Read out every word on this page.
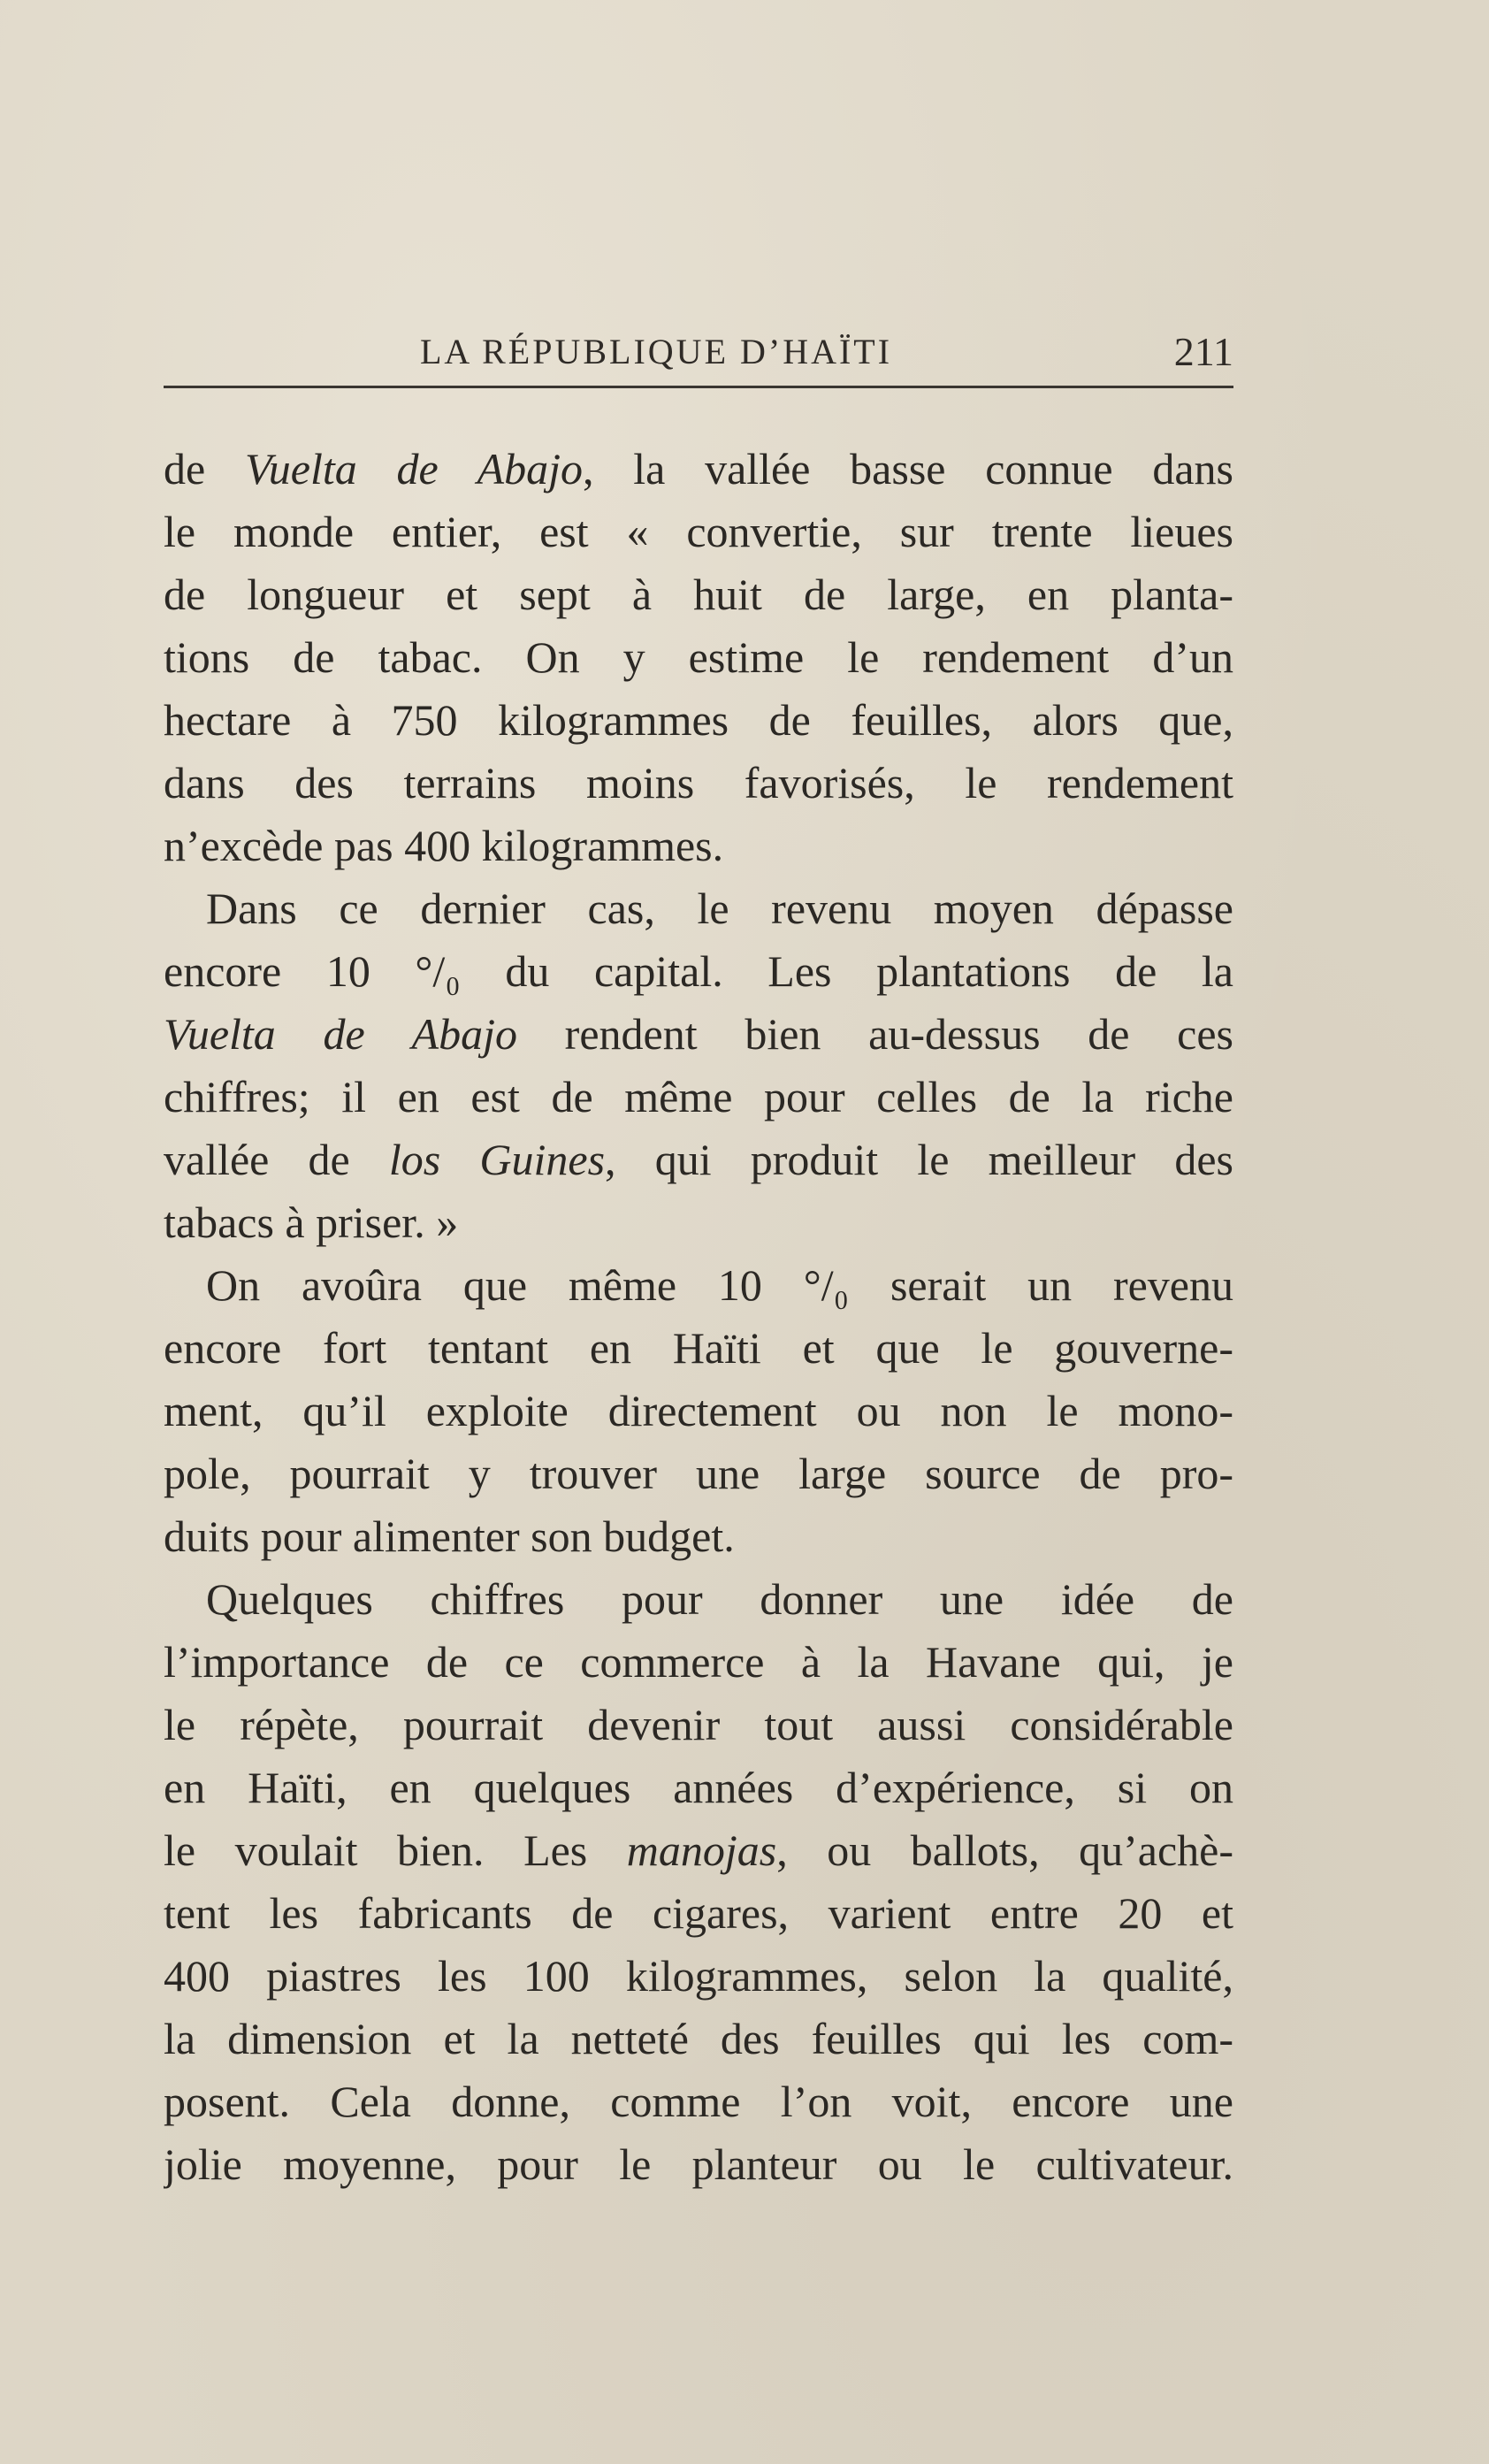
LA RÉPUBLIQUE D’HAÏTI	211
de Vuelta de Abajo, la vallée basse connue dans
le monde entier, est « convertie, sur trente lieues
de longueur et sept à huit de large, en planta-
tions de tabac. On y estime le rendement d’un
hectare à 750 kilogrammes de feuilles, alors que,
dans des terrains moins favorisés, le rendement
n’excède pas 400 kilogrammes.
Dans ce dernier cas, le revenu moyen dépasse
encore 10 °/₀ du capital. Les plantations de la
Vuelta de Abajo rendent bien au-dessus de ces
chiffres; il en est de même pour celles de la riche
vallée de los Guines, qui produit le meilleur des
tabacs à priser. »
On avoûra que même 10 °/₀ serait un revenu
encore fort tentant en Haïti et que le gouverne-
ment, qu’il exploite directement ou non le mono-
pole, pourrait y trouver une large source de pro-
duits pour alimenter son budget.
Quelques chiffres pour donner une idée de
l’importance de ce commerce à la Havane qui, je
le répète, pourrait devenir tout aussi considérable
en Haïti, en quelques années d’expérience, si on
le voulait bien. Les manojas, ou ballots, qu’achè-
tent les fabricants de cigares, varient entre 20 et
400 piastres les 100 kilogrammes, selon la qualité,
la dimension et la netteté des feuilles qui les com-
posent. Cela donne, comme l’on voit, encore une
jolie moyenne, pour le planteur ou le cultivateur.
